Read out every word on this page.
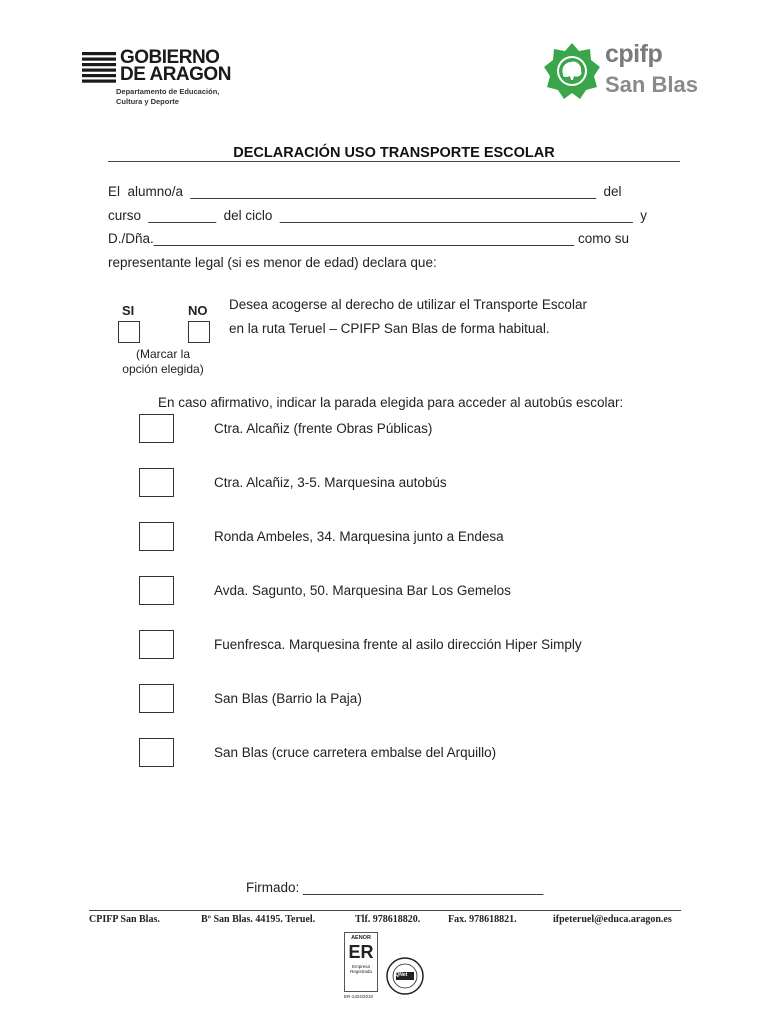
GOBIERNO
DE ARAGON
Departamento de Educación,
Cultura y Deporte
cpifp
San Blas
DECLARACIÓN USO TRANSPORTE ESCOLAR
El  alumno/a  ______________________________________________________  del
curso  _________  del ciclo  _______________________________________________  y
D./Dña.________________________________________________________ como su
representante legal (si es menor de edad) declara que:
SI	NO
(Marcar la
opción elegida)
Desea acogerse al derecho de utilizar el Transporte Escolar
en la ruta Teruel – CPIFP San Blas de forma habitual.
En caso afirmativo, indicar la parada elegida para acceder al autobús escolar:
Ctra. Alcañiz (frente Obras Públicas)
Ctra. Alcañiz, 3-5. Marquesina autobús
Ronda Ambeles, 34. Marquesina junto a Endesa
Avda. Sagunto, 50. Marquesina Bar Los Gemelos
Fuenfresca. Marquesina frente al asilo dirección Hiper Simply
San Blas (Barrio la Paja)
San Blas (cruce carretera embalse del Arquillo)
Firmado: ________________________________
CPIFP San Blas.	Bº San Blas. 44195. Teruel.	Tlf. 978618820.	Fax. 978618821.	ifpeteruel@educa.aragon.es
AENOR
ER
Empresa
Registrada
ER-1324/2010
IQNet
